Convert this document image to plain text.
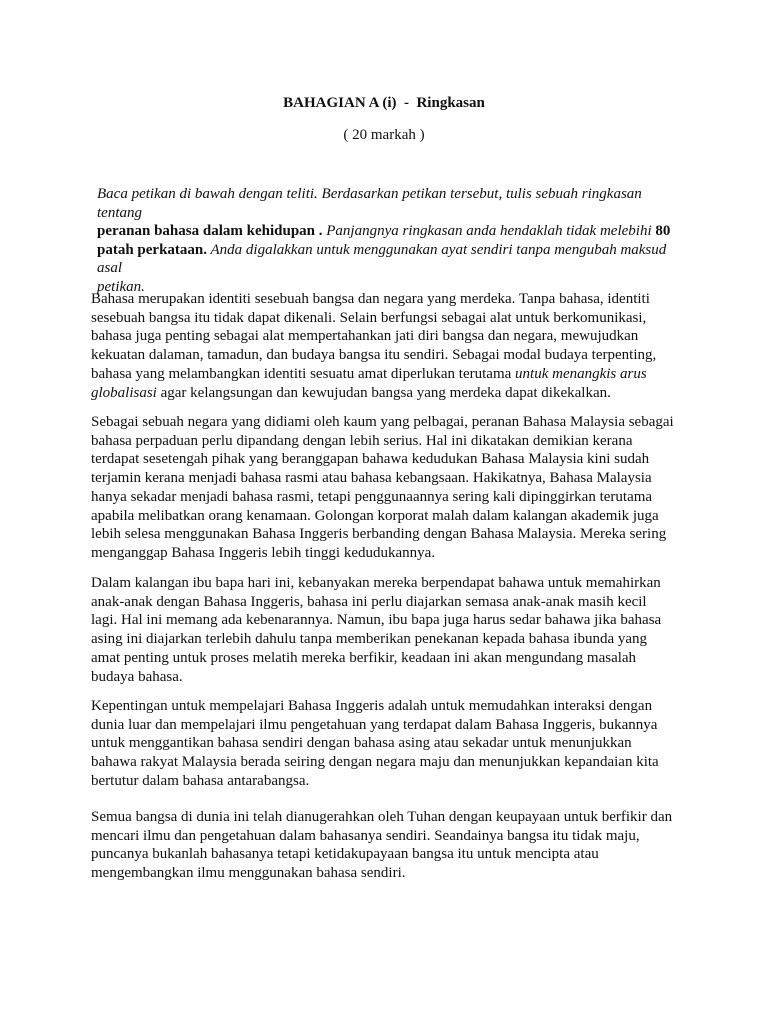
BAHAGIAN A (i)  -  Ringkasan
( 20 markah )
Baca petikan di bawah dengan teliti. Berdasarkan petikan tersebut, tulis sebuah ringkasan tentang
peranan bahasa dalam kehidupan . Panjangnya ringkasan anda hendaklah tidak melebihi 80
patah perkataan. Anda digalakkan untuk menggunakan ayat sendiri tanpa mengubah maksud asal
petikan.
Bahasa merupakan identiti sesebuah bangsa dan negara yang merdeka. Tanpa bahasa, identiti
sesebuah bangsa itu tidak dapat dikenali. Selain berfungsi sebagai alat untuk berkomunikasi,
bahasa juga penting sebagai alat mempertahankan jati diri bangsa dan negara, mewujudkan
kekuatan dalaman, tamadun, dan budaya bangsa itu sendiri. Sebagai modal budaya terpenting,
bahasa yang melambangkan identiti sesuatu amat diperlukan terutama untuk menangkis arus
globalisasi agar kelangsungan dan kewujudan bangsa yang merdeka dapat dikekalkan.
Sebagai sebuah negara yang didiami oleh kaum yang pelbagai, peranan Bahasa Malaysia sebagai
bahasa perpaduan perlu dipandang dengan lebih serius. Hal ini dikatakan demikian kerana
terdapat sesetengah pihak yang beranggapan bahawa kedudukan Bahasa Malaysia kini sudah
terjamin kerana menjadi bahasa rasmi atau bahasa kebangsaan. Hakikatnya, Bahasa Malaysia
hanya sekadar menjadi bahasa rasmi, tetapi penggunaannya sering kali dipinggirkan terutama
apabila melibatkan orang kenamaan. Golongan korporat malah dalam kalangan akademik juga
lebih selesa menggunakan Bahasa Inggeris berbanding dengan Bahasa Malaysia. Mereka sering
menganggap Bahasa Inggeris lebih tinggi kedudukannya.
Dalam kalangan ibu bapa hari ini, kebanyakan mereka berpendapat bahawa untuk memahirkan
anak-anak dengan Bahasa Inggeris, bahasa ini perlu diajarkan semasa anak-anak masih kecil
lagi. Hal ini memang ada kebenarannya. Namun, ibu bapa juga harus sedar bahawa jika bahasa
asing ini diajarkan terlebih dahulu tanpa memberikan penekanan kepada bahasa ibunda yang
amat penting untuk proses melatih mereka berfikir, keadaan ini akan mengundang masalah
budaya bahasa.
Kepentingan untuk mempelajari Bahasa Inggeris adalah untuk memudahkan interaksi dengan
dunia luar dan mempelajari ilmu pengetahuan yang terdapat dalam Bahasa Inggeris, bukannya
untuk menggantikan bahasa sendiri dengan bahasa asing atau sekadar untuk menunjukkan
bahawa rakyat Malaysia berada seiring dengan negara maju dan menunjukkan kepandaian kita
bertutur dalam bahasa antarabangsa.
Semua bangsa di dunia ini telah dianugerahkan oleh Tuhan dengan keupayaan untuk berfikir dan
mencari ilmu dan pengetahuan dalam bahasanya sendiri. Seandainya bangsa itu tidak maju,
puncanya bukanlah bahasanya tetapi ketidakupayaan bangsa itu untuk mencipta atau
mengembangkan ilmu menggunakan bahasa sendiri.
